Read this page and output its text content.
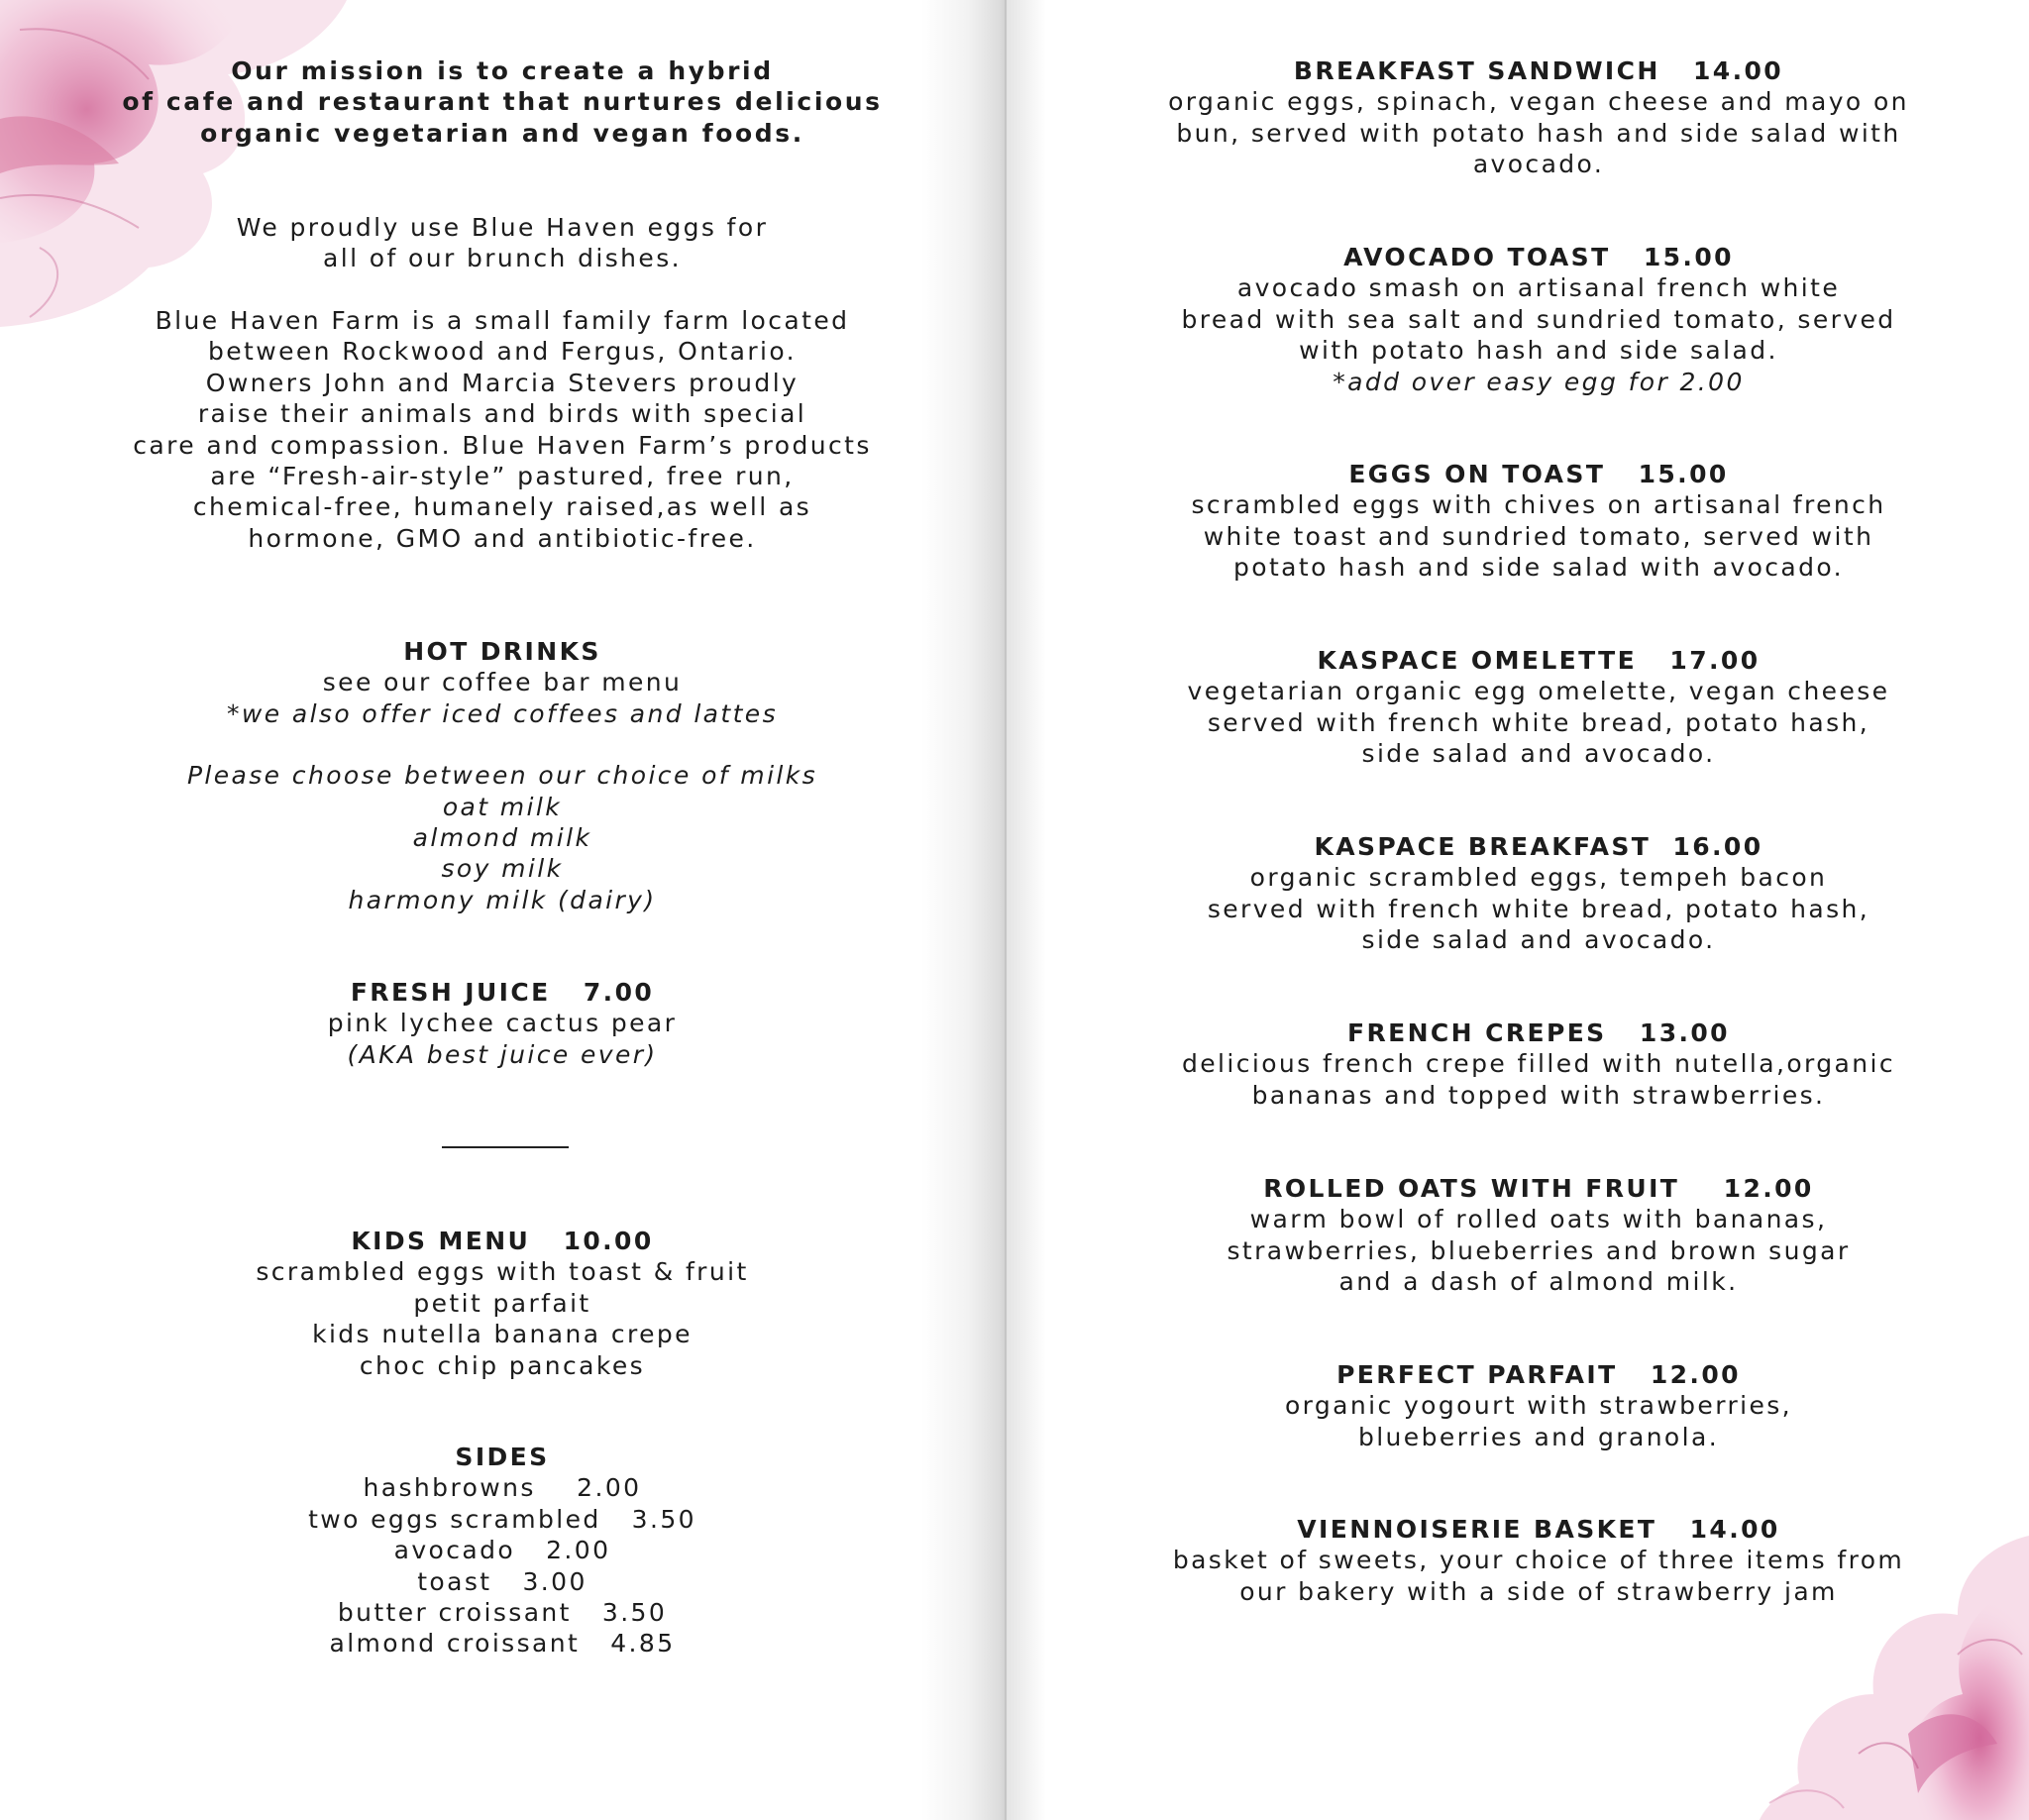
Our mission is to create a hybrid
of cafe and restaurant that nurtures delicious
organic vegetarian and vegan foods.
We proudly use Blue Haven eggs for
all of our brunch dishes.
Blue Haven Farm is a small family farm located
between Rockwood and Fergus, Ontario.
Owners John and Marcia Stevers proudly
raise their animals and birds with special
care and compassion. Blue Haven Farm’s products
are “Fresh-air-style” pastured, free run,
chemical-free, humanely raised,as well as
hormone, GMO and antibiotic-free.
HOT DRINKS
see our coffee bar menu
*we also offer iced coffees and lattes
Please choose between our choice of milks
oat milk
almond milk
soy milk
harmony milk (dairy)
FRESH JUICE   7.00
pink lychee cactus pear
(AKA best juice ever)
KIDS MENU   10.00
scrambled eggs with toast & fruit
petit parfait
kids nutella banana crepe
choc chip pancakes
SIDES
hashbrowns    2.00
two eggs scrambled   3.50
avocado   2.00
toast   3.00
butter croissant   3.50
almond croissant   4.85
BREAKFAST SANDWICH   14.00
organic eggs, spinach, vegan cheese and mayo on
bun, served with potato hash and side salad with
avocado.
AVOCADO TOAST   15.00
avocado smash on artisanal french white
bread with sea salt and sundried tomato, served
with potato hash and side salad.
*add over easy egg for 2.00
EGGS ON TOAST   15.00
scrambled eggs with chives on artisanal french
white toast and sundried tomato, served with
potato hash and side salad with avocado.
KASPACE OMELETTE   17.00
vegetarian organic egg omelette, vegan cheese
served with french white bread, potato hash,
side salad and avocado.
KASPACE BREAKFAST  16.00
organic scrambled eggs, tempeh bacon
served with french white bread, potato hash,
side salad and avocado.
FRENCH CREPES   13.00
delicious french crepe filled with nutella,organic
bananas and topped with strawberries.
ROLLED OATS WITH FRUIT    12.00
warm bowl of rolled oats with bananas,
strawberries, blueberries and brown sugar
and a dash of almond milk.
PERFECT PARFAIT   12.00
organic yogourt with strawberries,
blueberries and granola.
VIENNOISERIE BASKET   14.00
basket of sweets, your choice of three items from
our bakery with a side of strawberry jam
